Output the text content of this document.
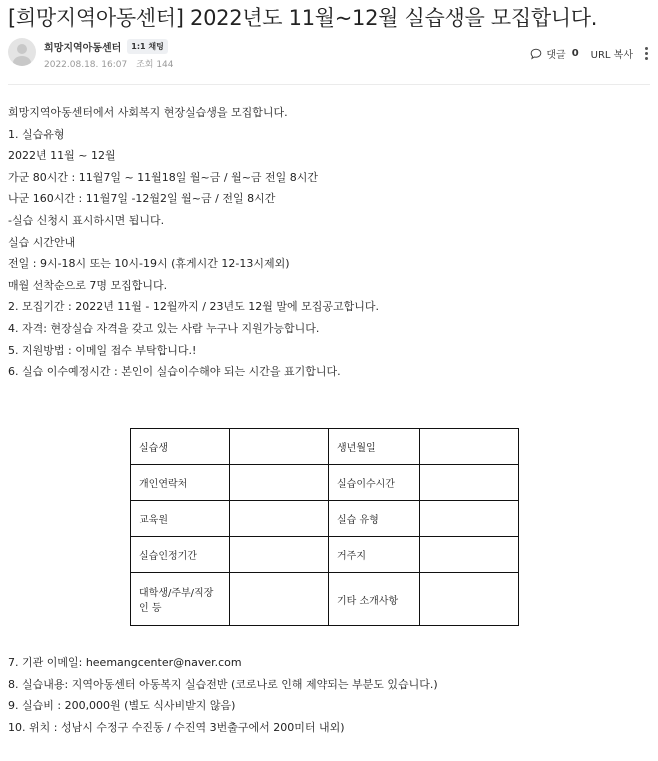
[희망지역아동센터] 2022년도 11월~12월 실습생을 모집합니다.
희망지역아동센터	1:1 채팅
2022.08.18. 16:07 조회 144
댓글 0 URL 복사

희망지역아동센터에서 사회복지 현장실습생을 모집합니다.

1. 실습유형

2022년 11월 ~ 12월

가군 80시간 : 11월7일 ~ 11월18일 월~금 / 월~금 전일 8시간

나군 160시간 : 11월7일 -12월2일 월~금 / 전일 8시간

-실습 신청시 표시하시면 됩니다.

실습 시간안내

전일 : 9시-18시 또는 10시-19시 (휴게시간 12-13시제외)

매월 선착순으로 7명 모집합니다.

2. 모집기간 : 2022년 11월 - 12월까지 / 23년도 12월 말에 모집공고합니다.

4. 자격: 현장실습 자격을 갖고 있는 사람 누구나 지원가능합니다.

5. 지원방법 : 이메일 접수 부탁합니다.!

6. 실습 이수예정시간 : 본인이 실습이수해야 되는 시간을 표기합니다.

실습생		생년월일	
개인연락처		실습이수시간	
교육원		실습 유형	
실습인정기간		거주지	
대학생/주부/직장인 등		기타 소개사항	

7. 기관 이메일: heemangcenter@naver.com

8. 실습내용: 지역아동센터 아동복지 실습전반 (코로나로 인해 제약되는 부분도 있습니다.)

9. 실습비 : 200,000원 (별도 식사비받지 않음)

10. 위치 : 성남시 수정구 수진동 / 수진역 3번출구에서 200미터 내외)
